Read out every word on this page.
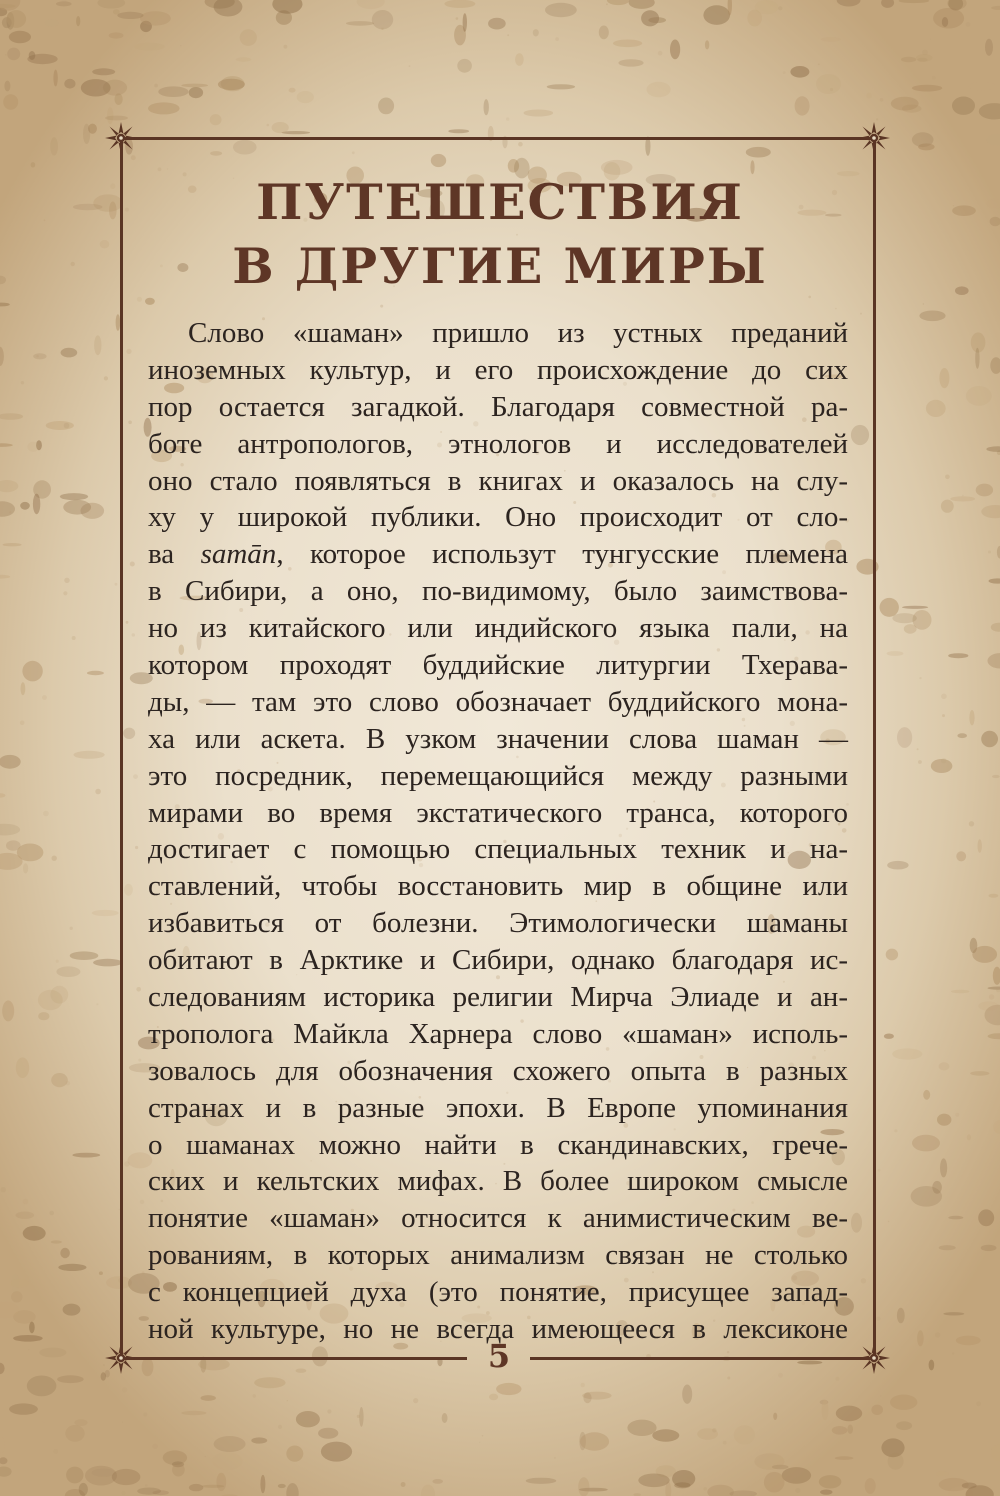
ПУТЕШЕСТВИЯ
В ДРУГИЕ МИРЫ
Слово «шаман» пришло из устных преданий
иноземных культур, и его происхождение до сих
пор остается загадкой. Благодаря совместной ра-
боте антропологов, этнологов и исследователей
оно стало появляться в книгах и оказалось на слу-
ху у широкой публики. Оно происходит от сло-
ва samān, которое использут тунгусские племена
в Сибири, а оно, по-видимому, было заимствова-
но из китайского или индийского языка пали, на
котором проходят буддийские литургии Тхерава-
ды, — там это слово обозначает буддийского мона-
ха или аскета. В узком значении слова шаман —
это посредник, перемещающийся между разными
мирами во время экстатического транса, которого
достигает с помощью специальных техник и на-
ставлений, чтобы восстановить мир в общине или
избавиться от болезни. Этимологически шаманы
обитают в Арктике и Сибири, однако благодаря ис-
следованиям историка религии Мирча Элиаде и ан-
трополога Майкла Харнера слово «шаман» исполь-
зовалось для обозначения схожего опыта в разных
странах и в разные эпохи. В Европе упоминания
о шаманах можно найти в скандинавских, грече-
ских и кельтских мифах. В более широком смысле
понятие «шаман» относится к анимистическим ве-
рованиям, в которых анимализм связан не столько
с концепцией духа (это понятие, присущее запад-
ной культуре, но не всегда имеющееся в лексиконе
5
